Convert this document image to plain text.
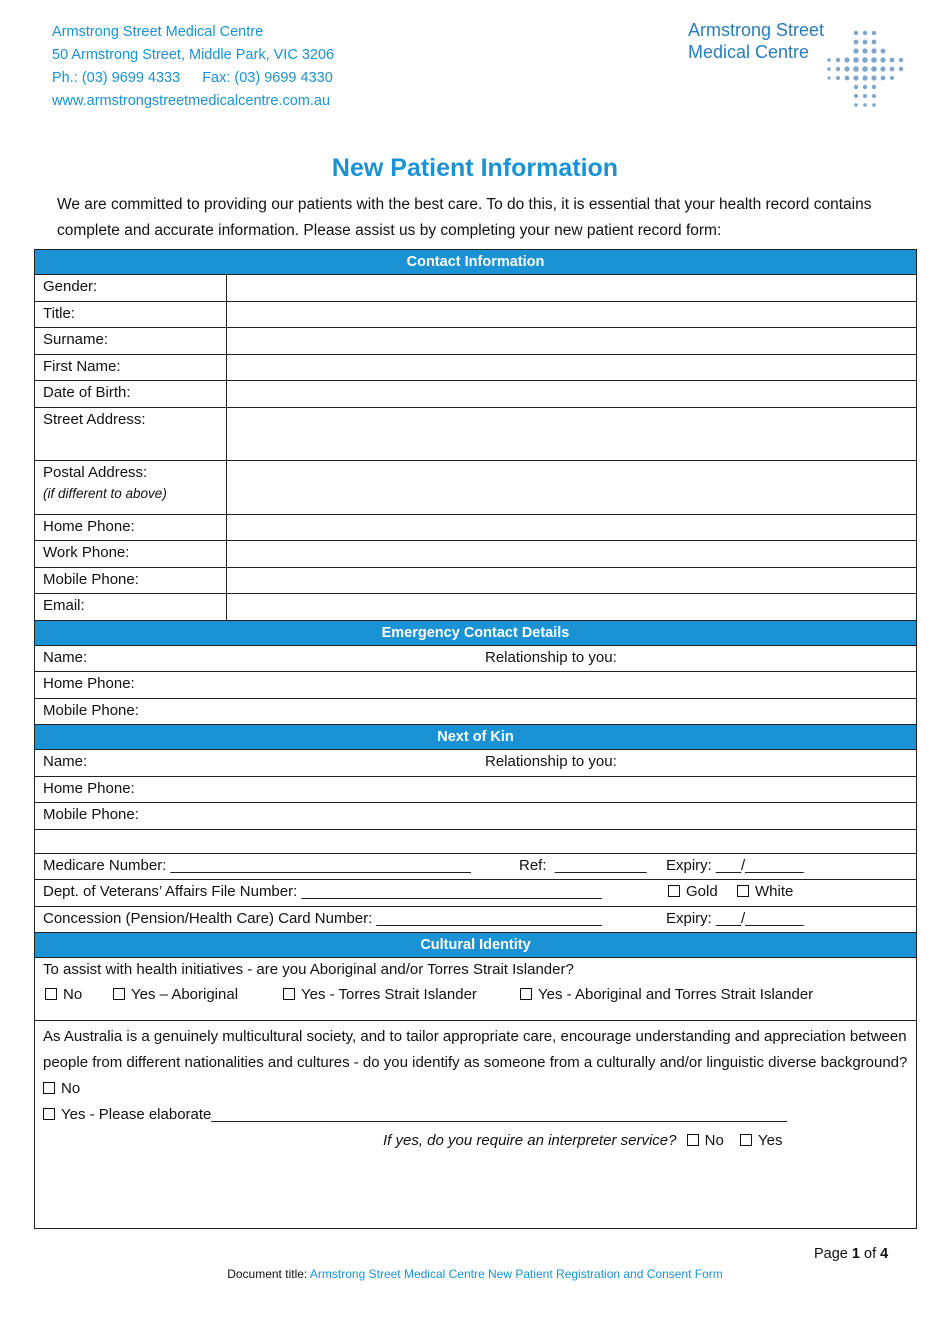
Armstrong Street Medical Centre
50 Armstrong Street, Middle Park, VIC 3206
Ph.: (03) 9699 4333 Fax: (03) 9699 4330
www.armstrongstreetmedicalcentre.com.au
Armstrong Street
Medical Centre
New Patient Information
We are committed to providing our patients with the best care. To do this, it is essential that your health record contains complete and accurate information. Please assist us by completing your new patient record form:
Contact Information
Gender:
Title:
Surname:
First Name:
Date of Birth:
Street Address:
Postal Address:
(if different to above)
Home Phone:
Work Phone:
Mobile Phone:
Email:
Emergency Contact Details
Name:	Relationship to you:
Home Phone:
Mobile Phone:
Next of Kin
Name:	Relationship to you:
Home Phone:
Mobile Phone:
Medicare Number: ____________________________________	Ref:  ___________ Expiry: ___/_______
Dept. of Veterans’ Affairs File Number: ____________________________________	Gold	White
Concession (Pension/Health Care) Card Number: ___________________________	Expiry: ___/_______
Cultural Identity
To assist with health initiatives - are you Aboriginal and/or Torres Strait Islander?
No	Yes – Aboriginal	Yes - Torres Strait Islander	Yes - Aboriginal and Torres Strait Islander
As Australia is a genuinely multicultural society, and to tailor appropriate care, encourage understanding and appreciation between people from different nationalities and cultures - do you identify as someone from a culturally and/or linguistic diverse background?
No
Yes - Please elaborate_____________________________________________________________________
If yes, do you require an interpreter service? No Yes
Page 1 of 4
Document title: Armstrong Street Medical Centre New Patient Registration and Consent Form
